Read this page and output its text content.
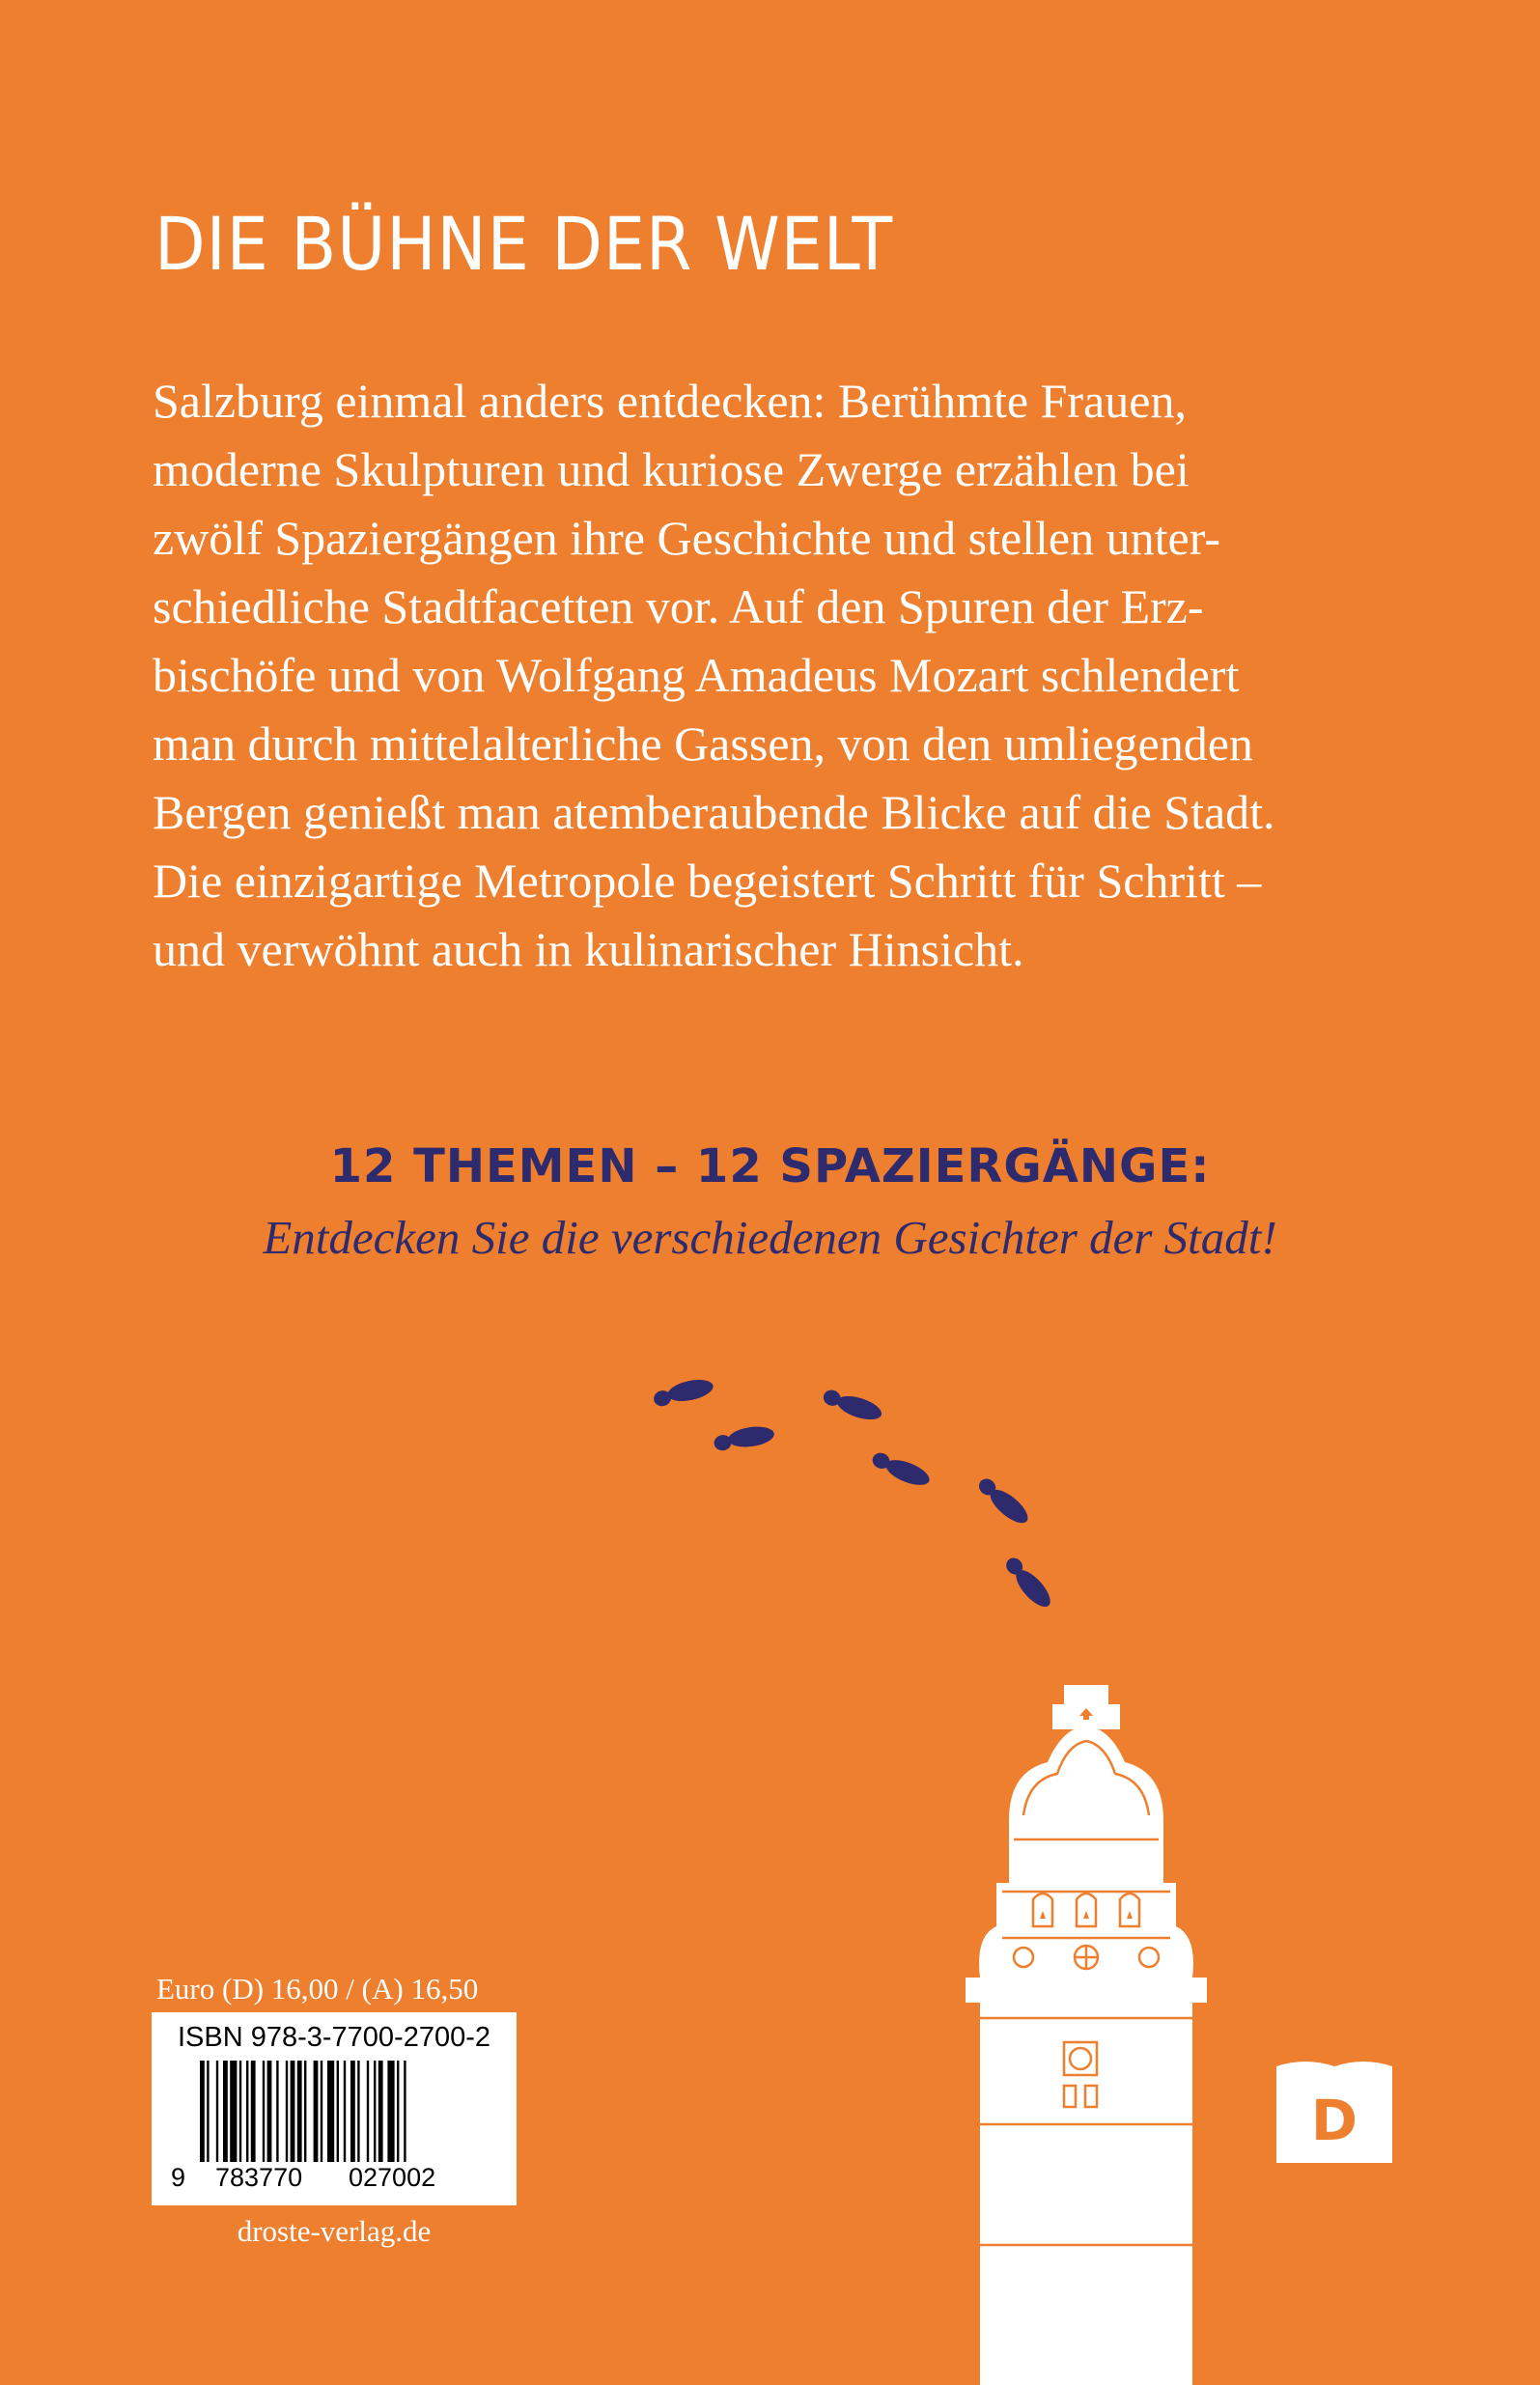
DIE BÜHNE DER WELT
Salzburg einmal anders entdecken: Berühmte Frauen,
moderne Skulpturen und kuriose Zwerge erzählen bei
zwölf Spaziergängen ihre Geschichte und stellen unter-
schiedliche Stadtfacetten vor. Auf den Spuren der Erz-
bischöfe und von Wolfgang Amadeus Mozart schlendert
man durch mittelalterliche Gassen, von den umliegenden
Bergen genießt man atemberaubende Blicke auf die Stadt.
Die einzigartige Metropole begeistert Schritt für Schritt –
und verwöhnt auch in kulinarischer Hinsicht.
12 THEMEN – 12 SPAZIERGÄNGE:

Entdecken Sie die verschiedenen Gesichter der Stadt!

Euro (D) 16,00 / (A) 16,50
ISBN 978-3-7700-2700-2
9 783770 027002
droste-verlag.de
D
